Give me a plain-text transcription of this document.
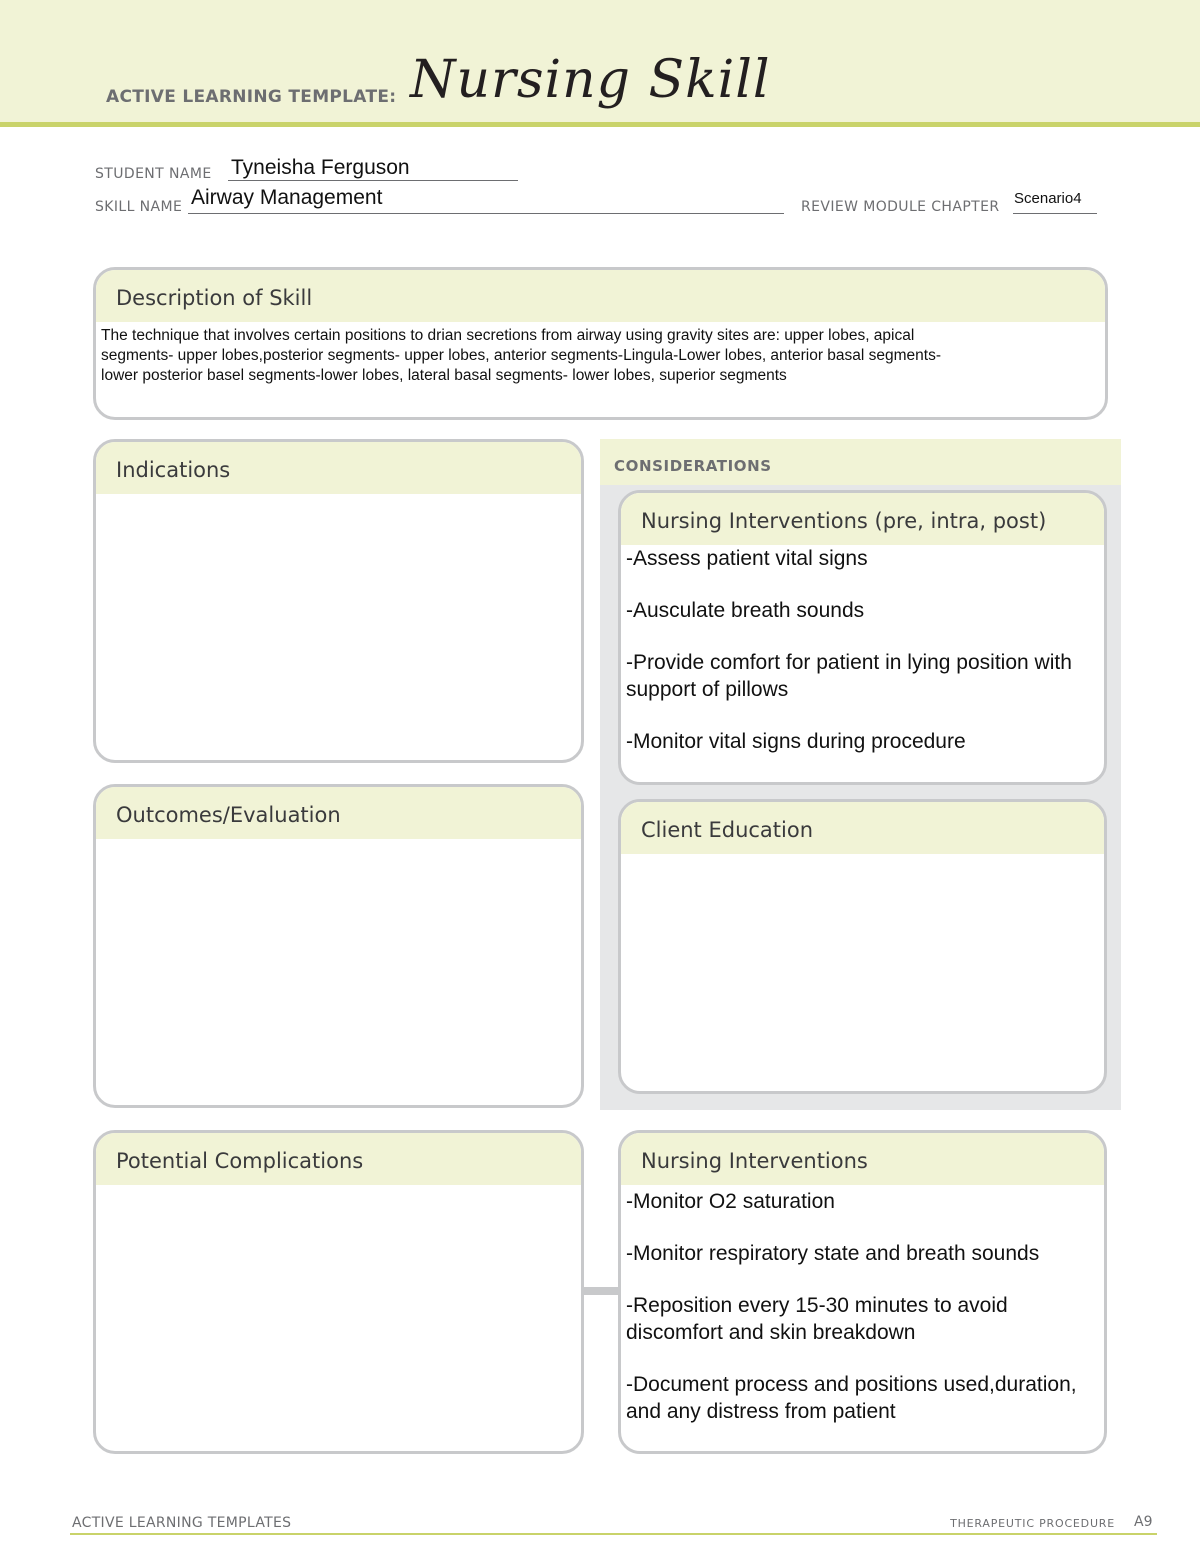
ACTIVE LEARNING TEMPLATE: Nursing Skill
STUDENT NAME Tyneisha Ferguson
SKILL NAME Airway Management	REVIEW MODULE CHAPTER Scenario4
Description of Skill
The technique that involves certain positions to drian secretions from airway using gravity sites are: upper lobes, apical
segments- upper lobes,posterior segments- upper lobes, anterior segments-Lingula-Lower lobes, anterior basal segments-
lower posterior basel segments-lower lobes, lateral basal segments- lower lobes, superior segments
Indications
Outcomes/Evaluation
CONSIDERATIONS
Nursing Interventions (pre, intra, post)
-Assess patient vital signs
-Ausculate breath sounds
-Provide comfort for patient in lying position with support of pillows
-Monitor vital signs during procedure
Client Education
Potential Complications	Nursing Interventions
-Monitor O2 saturation
-Monitor respiratory state and breath sounds
-Reposition every 15-30 minutes to avoid discomfort and skin breakdown
-Document process and positions used,duration, and any distress from patient
ACTIVE LEARNING TEMPLATES	THERAPEUTIC PROCEDURE A9
